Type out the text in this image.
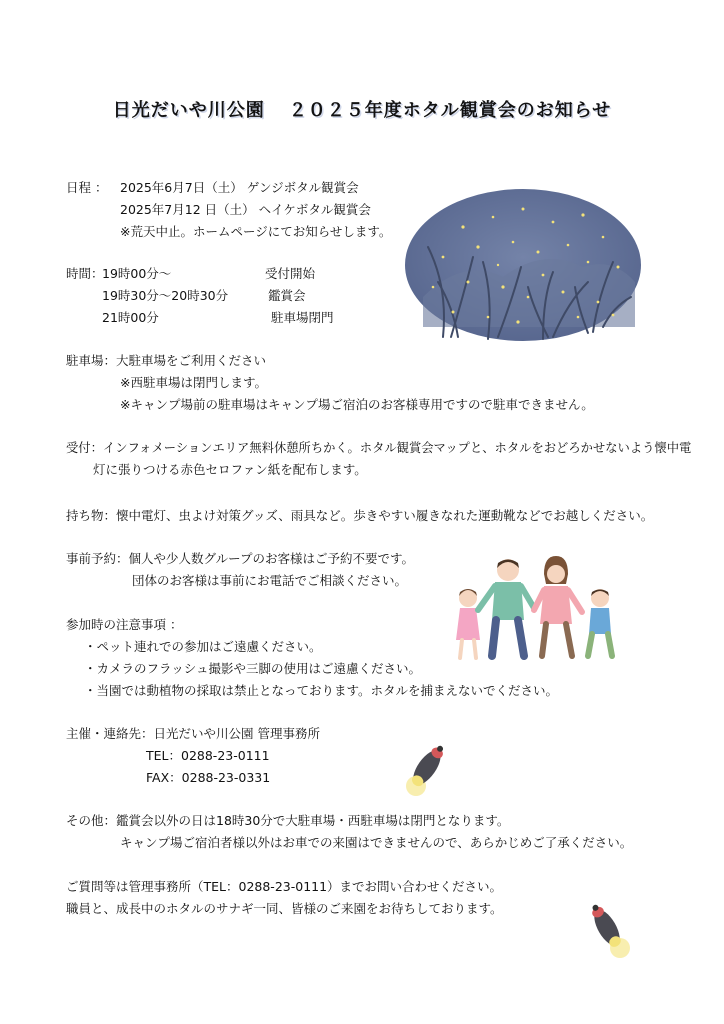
日光だいや川公園 ２０２５年度ホタル観賞会のお知らせ
日程 ： 2025年6月7日（土） ゲンジボタル観賞会
2025年7月12 日（土） ヘイケボタル観賞会
※荒天中止。ホームページにてお知らせします。
時間：
19時00分～	受付開始
19時30分～20時30分	鑑賞会
21時00分	駐車場閉門
駐車場：大駐車場をご利用ください
※西駐車場は閉門します。
※キャンプ場前の駐車場はキャンプ場ご宿泊のお客様専用ですので駐車できません。
受付：インフォメーションエリア無料休憩所ちかく。ホタル観賞会マップと、ホタルをおどろかせないよう懐中電
灯に張りつける赤色セロファン紙を配布します。
持ち物：懐中電灯、虫よけ対策グッズ、雨具など。歩きやすい履きなれた運動靴などでお越しください。
事前予約：個人や少人数グループのお客様はご予約不要です。
団体のお客様は事前にお電話でご相談ください。
参加時の注意事項 ：
・ペット連れでの参加はご遠慮ください。
・カメラのフラッシュ撮影や三脚の使用はご遠慮ください。
・当園では動植物の採取は禁止となっております。ホタルを捕まえないでください。
主催・連絡先：日光だいや川公園 管理事務所
TEL：0288-23-0111
FAX：0288-23-0331
その他：鑑賞会以外の日は18時30分で大駐車場・西駐車場は閉門となります。
キャンプ場ご宿泊者様以外はお車での来園はできませんので、あらかじめご了承ください。
ご質問等は管理事務所（TEL：0288-23-0111）までお問い合わせください。
職員と、成長中のホタルのサナギ一同、皆様のご来園をお待ちしております。
